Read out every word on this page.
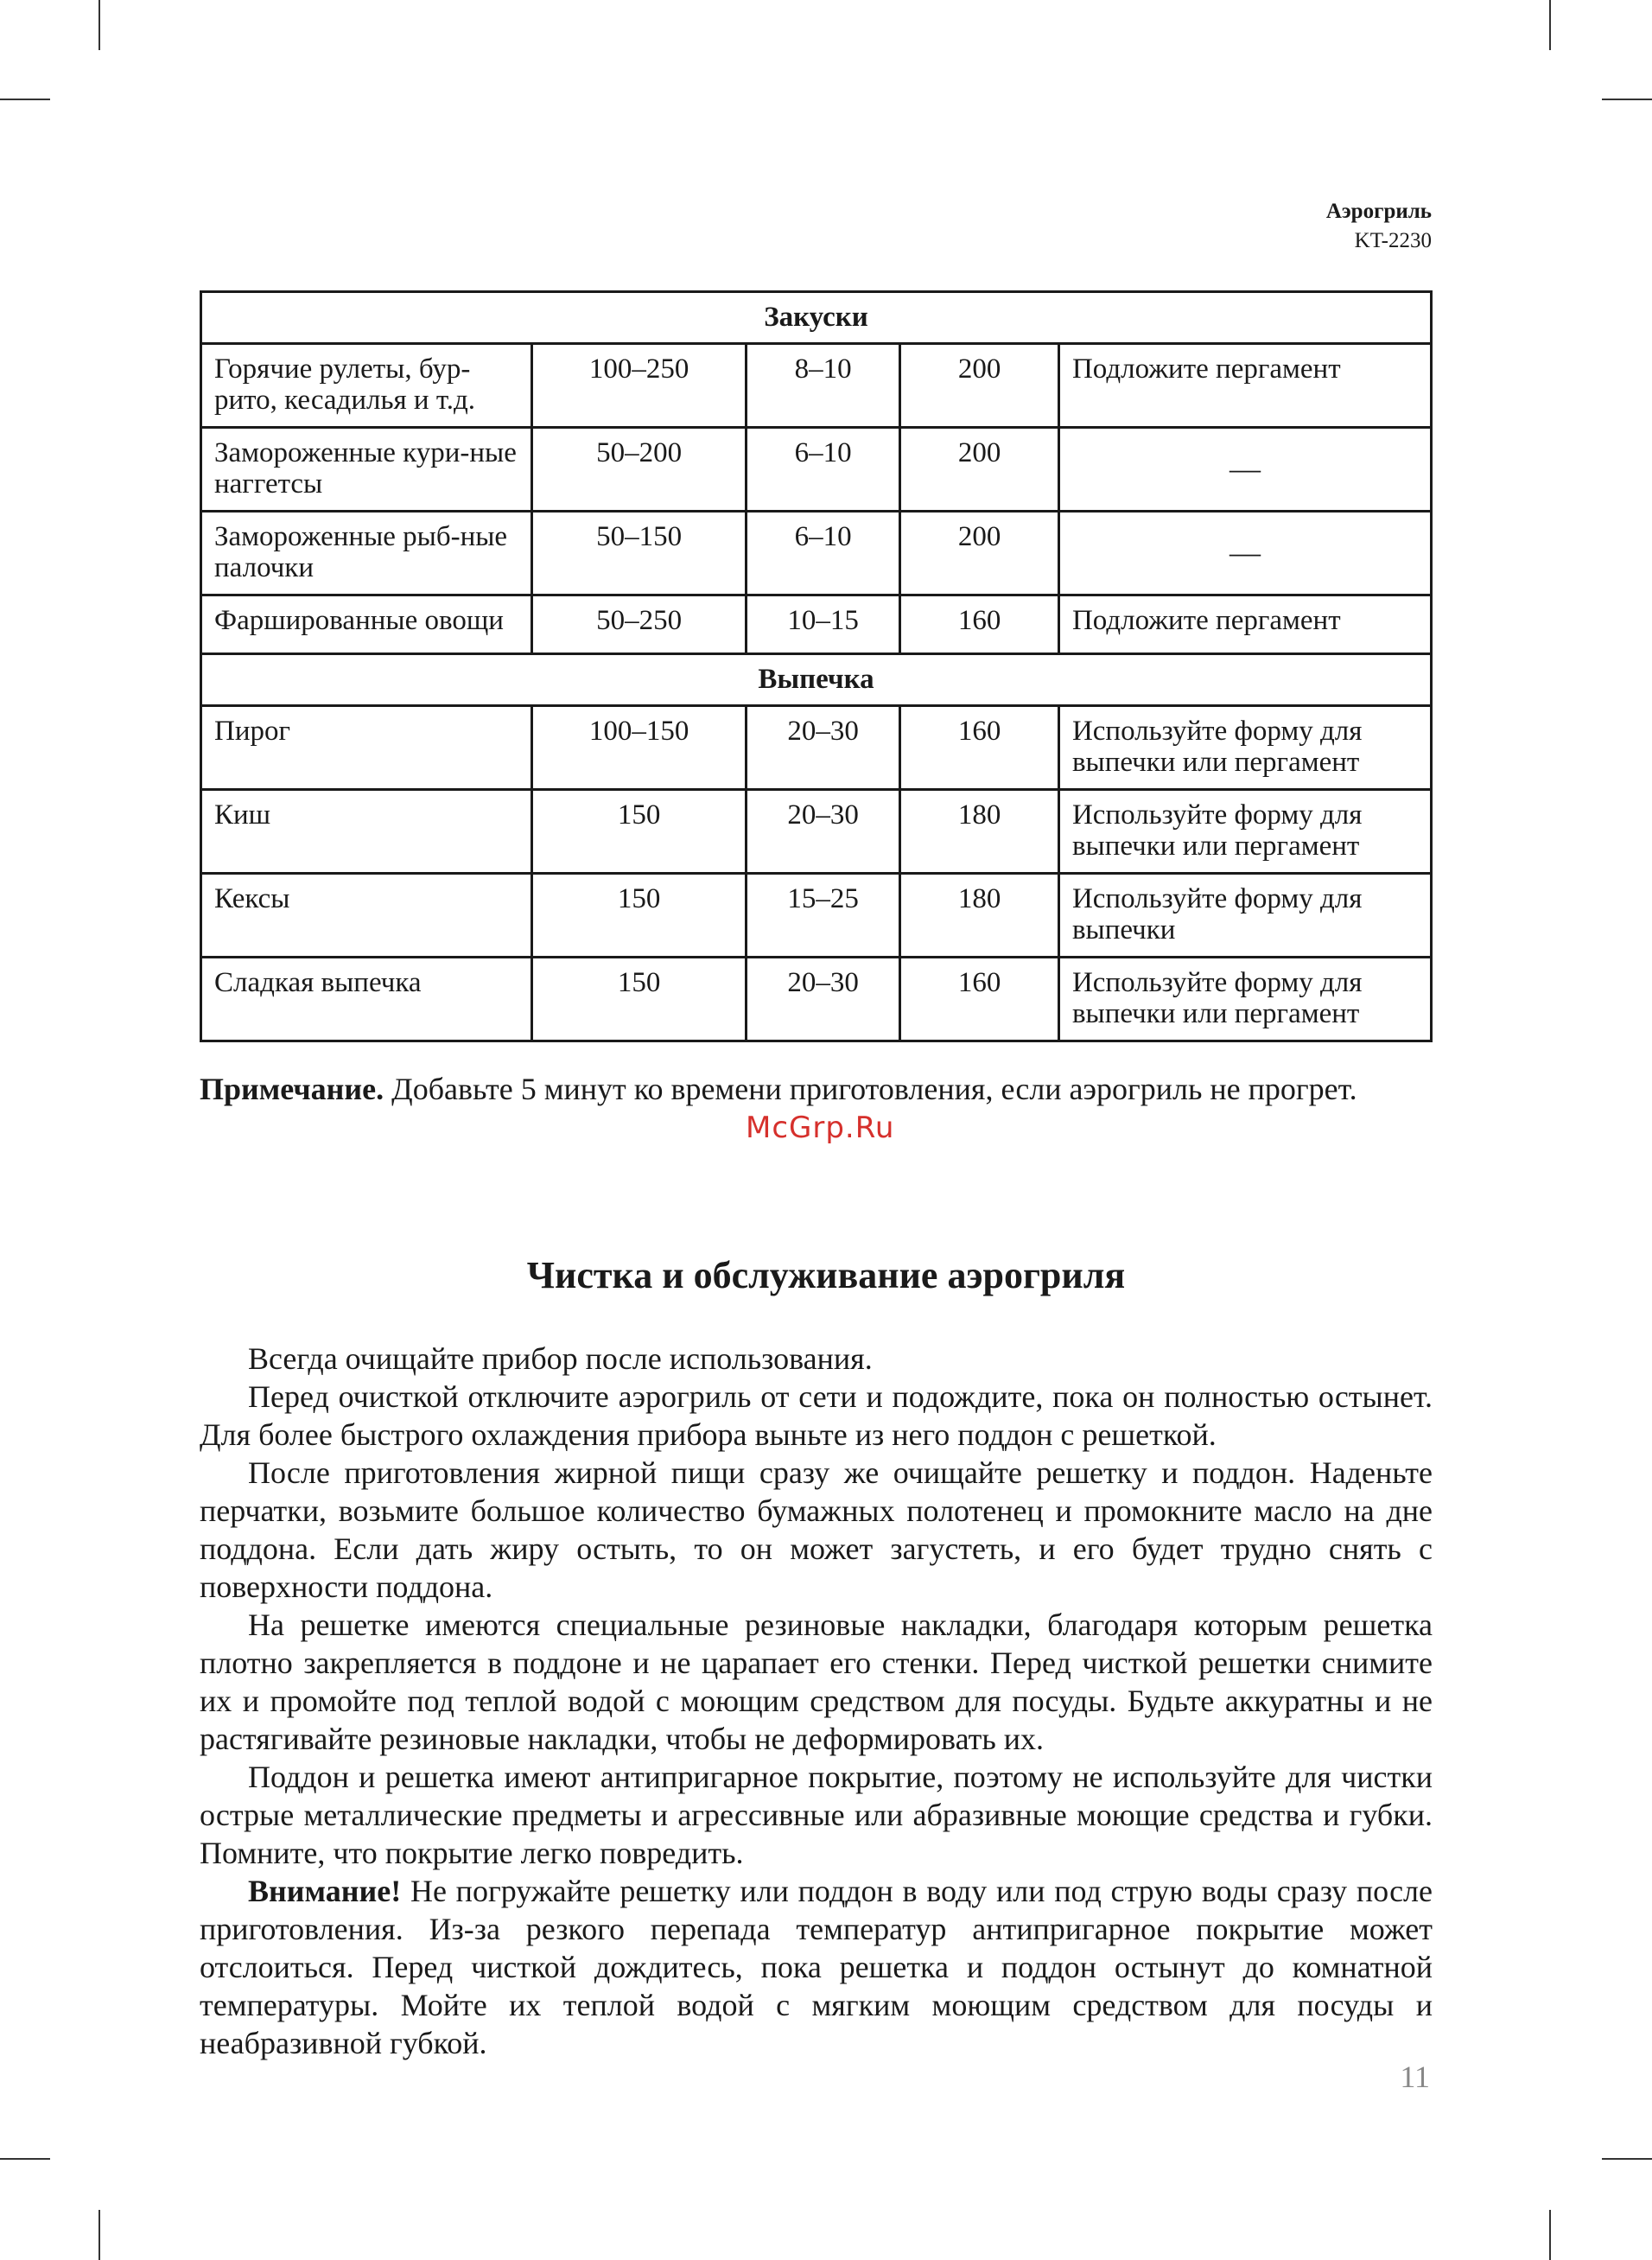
Аэрогриль
KT-2230
Закуски				
Горячие рулеты, бур-рито, кесадилья и т.д.	100–250	8–10	200	Подложите пергамент
Замороженные кури-ные наггетсы	50–200	6–10	200	—
Замороженные рыб-ные палочки	50–150	6–10	200	—
Фаршированные овощи	50–250	10–15	160	Подложите пергамент
Выпечка				
Пирог	100–150	20–30	160	Используйте форму для выпечки или пергамент
Киш	150	20–30	180	Используйте форму для выпечки или пергамент
Кексы	150	15–25	180	Используйте форму для выпечки
Сладкая выпечка	150	20–30	160	Используйте форму для выпечки или пергамент
Примечание. Добавьте 5 минут ко времени приготовления, если аэрогриль не прогрет.
McGrp.Ru
Чистка и обслуживание аэрогриля

Всегда очищайте прибор после использования.

Перед очисткой отключите аэрогриль от сети и подождите, пока он полностью остынет. Для более быстрого охлаждения прибора выньте из него поддон с решеткой.

После приготовления жирной пищи сразу же очищайте решетку и поддон. Наденьте перчатки, возьмите большое количество бумажных полотенец и промокните масло на дне поддона. Если дать жиру остыть, то он может загустеть, и его будет трудно снять с поверхности поддона.

На решетке имеются специальные резиновые накладки, благодаря которым решетка плотно закрепляется в поддоне и не царапает его стенки. Перед чисткой решетки снимите их и промойте под теплой водой с моющим средством для посуды. Будьте аккуратны и не растягивайте резиновые накладки, чтобы не деформировать их.

Поддон и решетка имеют антипригарное покрытие, поэтому не используйте для чистки острые металлические предметы и агрессивные или абразивные моющие средства и губки. Помните, что покрытие легко повредить.

Внимание! Не погружайте решетку или поддон в воду или под струю воды сразу после приготовления. Из-за резкого перепада температур антипригарное покрытие может отслоиться. Перед чисткой дождитесь, пока решетка и поддон остынут до комнатной температуры. Мойте их теплой водой с мягким моющим средством для посуды и неабразивной губкой.

11
